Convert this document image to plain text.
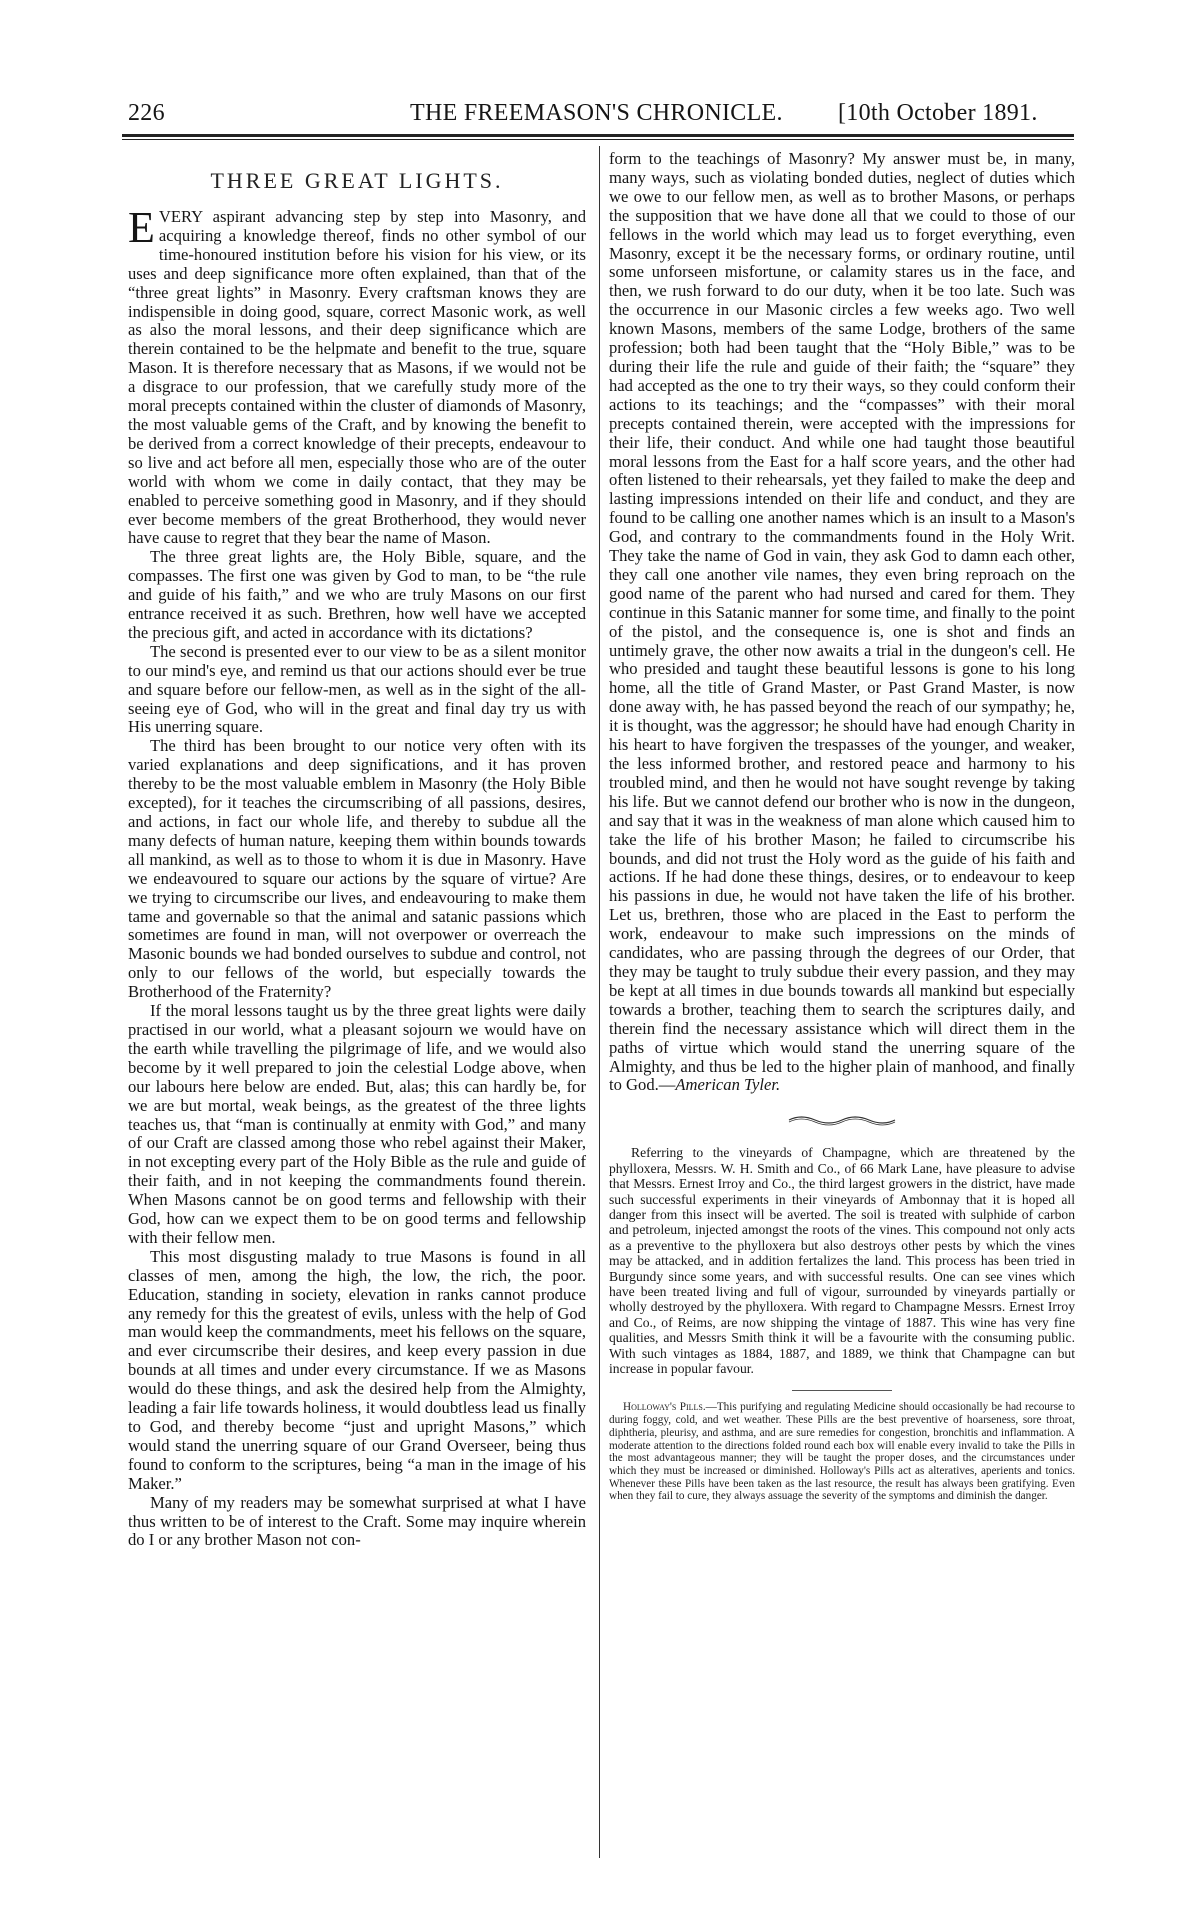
226	THE FREEMASON'S CHRONICLE. [10th October 1891.
THREE GREAT LIGHTS.

EVERY aspirant advancing step by step into Masonry, and acquiring a knowledge thereof, finds no other symbol of our time-honoured institution before his vision for his view, or its uses and deep significance more often explained, than that of the “three great lights” in Masonry. Every craftsman knows they are indispensible in doing good, square, correct Masonic work, as well as also the moral lessons, and their deep significance which are therein contained to be the helpmate and benefit to the true, square Mason. It is therefore necessary that as Masons, if we would not be a disgrace to our profession, that we carefully study more of the moral precepts contained within the cluster of diamonds of Masonry, the most valuable gems of the Craft, and by knowing the benefit to be derived from a correct knowledge of their precepts, endeavour to so live and act before all men, especially those who are of the outer world with whom we come in daily contact, that they may be enabled to perceive something good in Masonry, and if they should ever become members of the great Brotherhood, they would never have cause to regret that they bear the name of Mason.

The three great lights are, the Holy Bible, square, and the compasses. The first one was given by God to man, to be “the rule and guide of his faith,” and we who are truly Masons on our first entrance received it as such. Brethren, how well have we accepted the precious gift, and acted in accordance with its dictations?

The second is presented ever to our view to be as a silent monitor to our mind's eye, and remind us that our actions should ever be true and square before our fellow-men, as well as in the sight of the all-seeing eye of God, who will in the great and final day try us with His unerring square.

The third has been brought to our notice very often with its varied explanations and deep significations, and it has proven thereby to be the most valuable emblem in Masonry (the Holy Bible excepted), for it teaches the circumscribing of all passions, desires, and actions, in fact our whole life, and thereby to subdue all the many defects of human nature, keeping them within bounds towards all mankind, as well as to those to whom it is due in Masonry. Have we endeavoured to square our actions by the square of virtue? Are we trying to circumscribe our lives, and endeavouring to make them tame and governable so that the animal and satanic passions which sometimes are found in man, will not overpower or overreach the Masonic bounds we had bonded ourselves to subdue and control, not only to our fellows of the world, but especially towards the Brotherhood of the Fraternity?

If the moral lessons taught us by the three great lights were daily practised in our world, what a pleasant sojourn we would have on the earth while travelling the pilgrimage of life, and we would also become by it well prepared to join the celestial Lodge above, when our labours here below are ended. But, alas; this can hardly be, for we are but mortal, weak beings, as the greatest of the three lights teaches us, that “man is continually at enmity with God,” and many of our Craft are classed among those who rebel against their Maker, in not excepting every part of the Holy Bible as the rule and guide of their faith, and in not keeping the commandments found therein. When Masons cannot be on good terms and fellowship with their God, how can we expect them to be on good terms and fellowship with their fellow men.

This most disgusting malady to true Masons is found in all classes of men, among the high, the low, the rich, the poor. Education, standing in society, elevation in ranks cannot produce any remedy for this the greatest of evils, unless with the help of God man would keep the commandments, meet his fellows on the square, and ever circumscribe their desires, and keep every passion in due bounds at all times and under every circumstance. If we as Masons would do these things, and ask the desired help from the Almighty, leading a fair life towards holiness, it would doubtless lead us finally to God, and thereby become “just and upright Masons,” which would stand the unerring square of our Grand Overseer, being thus found to conform to the scriptures, being “a man in the image of his Maker.”

Many of my readers may be somewhat surprised at what I have thus written to be of interest to the Craft. Some may inquire wherein do I or any brother Mason not con-

form to the teachings of Masonry? My answer must be, in many, many ways, such as violating bonded duties, neglect of duties which we owe to our fellow men, as well as to brother Masons, or perhaps the supposition that we have done all that we could to those of our fellows in the world which may lead us to forget everything, even Masonry, except it be the necessary forms, or ordinary routine, until some unforseen misfortune, or calamity stares us in the face, and then, we rush forward to do our duty, when it be too late. Such was the occurrence in our Masonic circles a few weeks ago. Two well known Masons, members of the same Lodge, brothers of the same profession; both had been taught that the “Holy Bible,” was to be during their life the rule and guide of their faith; the “square” they had accepted as the one to try their ways, so they could conform their actions to its teachings; and the “compasses” with their moral precepts contained therein, were accepted with the impressions for their life, their conduct. And while one had taught those beautiful moral lessons from the East for a half score years, and the other had often listened to their rehearsals, yet they failed to make the deep and lasting impressions intended on their life and conduct, and they are found to be calling one another names which is an insult to a Mason's God, and contrary to the commandments found in the Holy Writ. They take the name of God in vain, they ask God to damn each other, they call one another vile names, they even bring reproach on the good name of the parent who had nursed and cared for them. They continue in this Satanic manner for some time, and finally to the point of the pistol, and the consequence is, one is shot and finds an untimely grave, the other now awaits a trial in the dungeon's cell. He who presided and taught these beautiful lessons is gone to his long home, all the title of Grand Master, or Past Grand Master, is now done away with, he has passed beyond the reach of our sympathy; he, it is thought, was the aggressor; he should have had enough Charity in his heart to have forgiven the trespasses of the younger, and weaker, the less informed brother, and restored peace and harmony to his troubled mind, and then he would not have sought revenge by taking his life. But we cannot defend our brother who is now in the dungeon, and say that it was in the weakness of man alone which caused him to take the life of his brother Mason; he failed to circumscribe his bounds, and did not trust the Holy word as the guide of his faith and actions. If he had done these things, desires, or to endeavour to keep his passions in due, he would not have taken the life of his brother. Let us, brethren, those who are placed in the East to perform the work, endeavour to make such impressions on the minds of candidates, who are passing through the degrees of our Order, that they may be taught to truly subdue their every passion, and they may be kept at all times in due bounds towards all mankind but especially towards a brother, teaching them to search the scriptures daily, and therein find the necessary assistance which will direct them in the paths of virtue which would stand the unerring square of the Almighty, and thus be led to the higher plain of manhood, and finally to God.—American Tyler.

Referring to the vineyards of Champagne, which are threatened by the phylloxera, Messrs. W. H. Smith and Co., of 66 Mark Lane, have pleasure to advise that Messrs. Ernest Irroy and Co., the third largest growers in the district, have made such successful experiments in their vineyards of Ambonnay that it is hoped all danger from this insect will be averted. The soil is treated with sulphide of carbon and petroleum, injected amongst the roots of the vines. This compound not only acts as a preventive to the phylloxera but also destroys other pests by which the vines may be attacked, and in addition fertalizes the land. This process has been tried in Burgundy since some years, and with successful results. One can see vines which have been treated living and full of vigour, surrounded by vineyards partially or wholly destroyed by the phylloxera. With regard to Champagne Messrs. Ernest Irroy and Co., of Reims, are now shipping the vintage of 1887. This wine has very fine qualities, and Messrs Smith think it will be a favourite with the consuming public. With such vintages as 1884, 1887, and 1889, we think that Champagne can but increase in popular favour.

Holloway's Pills.—This purifying and regulating Medicine should occasionally be had recourse to during foggy, cold, and wet weather. These Pills are the best preventive of hoarseness, sore throat, diphtheria, pleurisy, and asthma, and are sure remedies for congestion, bronchitis and inflammation. A moderate attention to the directions folded round each box will enable every invalid to take the Pills in the most advantageous manner; they will be taught the proper doses, and the circumstances under which they must be increased or diminished. Holloway's Pills act as alteratives, aperients and tonics. Whenever these Pills have been taken as the last resource, the result has always been gratifying. Even when they fail to cure, they always assuage the severity of the symptoms and diminish the danger.
